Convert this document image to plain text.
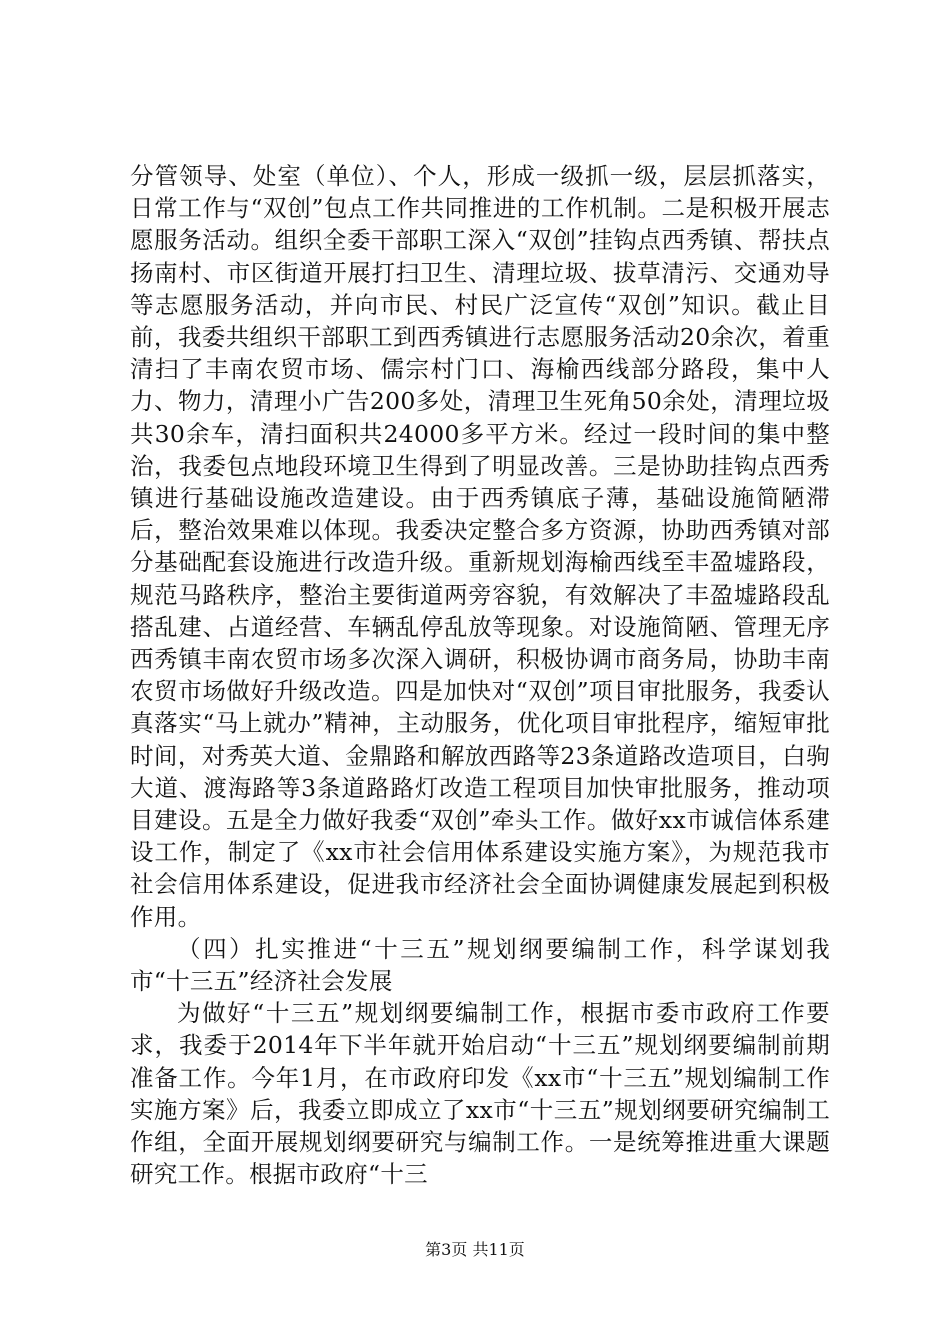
分管领导、处室（单位）、个人，形成一级抓一级，层层抓落实，日常工作与“双创”包点工作共同推进的工作机制。二是积极开展志愿服务活动。组织全委干部职工深入“双创”挂钩点西秀镇、帮扶点扬南村、市区街道开展打扫卫生、清理垃圾、拔草清污、交通劝导等志愿服务活动，并向市民、村民广泛宣传“双创”知识。截止目前，我委共组织干部职工到西秀镇进行志愿服务活动20余次，着重清扫了丰南农贸市场、儒宗村门口、海榆西线部分路段，集中人力、物力，清理小广告200多处，清理卫生死角50余处，清理垃圾共30余车，清扫面积共24000多平方米。经过一段时间的集中整治，我委包点地段环境卫生得到了明显改善。三是协助挂钩点西秀镇进行基础设施改造建设。由于西秀镇底子薄，基础设施简陋滞后，整治效果难以体现。我委决定整合多方资源，协助西秀镇对部分基础配套设施进行改造升级。重新规划海榆西线至丰盈墟路段，规范马路秩序，整治主要街道两旁容貌，有效解决了丰盈墟路段乱搭乱建、占道经营、车辆乱停乱放等现象。对设施简陋、管理无序西秀镇丰南农贸市场多次深入调研，积极协调市商务局，协助丰南农贸市场做好升级改造。四是加快对“双创”项目审批服务，我委认真落实“马上就办”精神，主动服务，优化项目审批程序，缩短审批时间，对秀英大道、金鼎路和解放西路等23条道路改造项目，白驹大道、渡海路等3条道路路灯改造工程项目加快审批服务，推动项目建设。五是全力做好我委“双创”牵头工作。做好xx市诚信体系建设工作，制定了《xx市社会信用体系建设实施方案》，为规范我市社会信用体系建设，促进我市经济社会全面协调健康发展起到积极作用。

（四）扎实推进“十三五”规划纲要编制工作，科学谋划我市“十三五”经济社会发展

为做好“十三五”规划纲要编制工作，根据市委市政府工作要求，我委于2014年下半年就开始启动“十三五”规划纲要编制前期准备工作。今年1月，在市政府印发《xx市“十三五”规划编制工作实施方案》后，我委立即成立了xx市“十三五”规划纲要研究编制工作组，全面开展规划纲要研究与编制工作。一是统筹推进重大课题研究工作。根据市政府“十三

第3页 共11页
